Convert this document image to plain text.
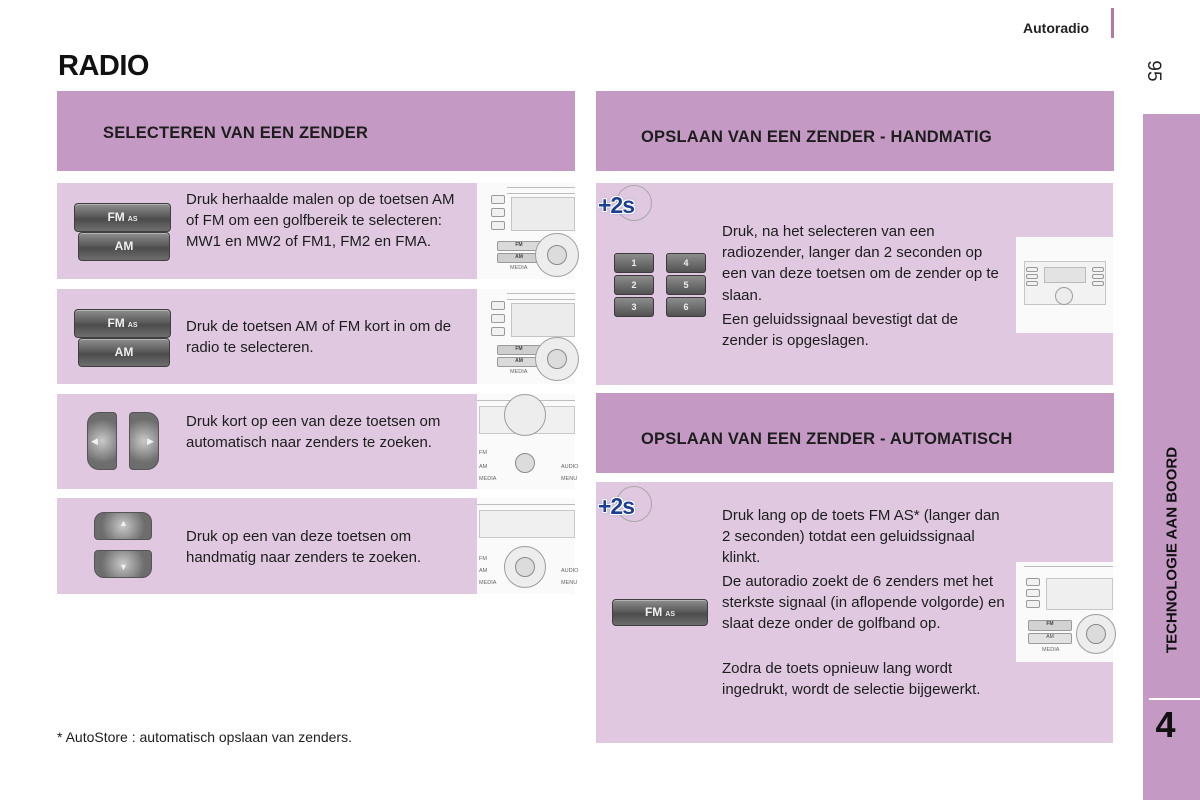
Autoradio
95
RADIO
TECHNOLOGIE AAN BOORD
4
SELECTEREN VAN EEN ZENDER
FM AS
AM
Druk herhaalde malen op de toetsen AM of FM om een golfbereik te selecteren: MW1 en MW2 of FM1, FM2 en FMA.	FM
AM
MEDIA
FM AS
AM
Druk de toetsen AM of FM kort in om de radio te selecteren.	FM
AM
MEDIA
◀	▶
Druk kort op een van deze toetsen om automatisch naar zenders te zoeken.
FM
AM
MEDIA
AUDIO
MENU
▲
▼
Druk op een van deze toetsen om handmatig naar zenders te zoeken.	FM
AM
MEDIA
AUDIO
MENU
OPSLAAN VAN EEN ZENDER - HANDMATIG
+2s
1
2
3
4
5
6
Druk, na het selecteren van een radiozender, langer dan 2 seconden op een van deze toetsen om de zender op te slaan.
Een geluidssignaal bevestigt dat de zender is opgeslagen.
OPSLAAN VAN EEN ZENDER - AUTOMATISCH
+2s
FM AS
Druk lang op de toets FM AS* (langer dan 2 seconden) totdat een geluidssignaal klinkt.
De autoradio zoekt de 6 zenders met het sterkste signaal (in aflopende volgorde) en slaat deze onder de golfband op.
Zodra de toets opnieuw lang wordt ingedrukt, wordt de selectie bijgewerkt.
FM
AM
MEDIA
* AutoStore : automatisch opslaan van zenders.
